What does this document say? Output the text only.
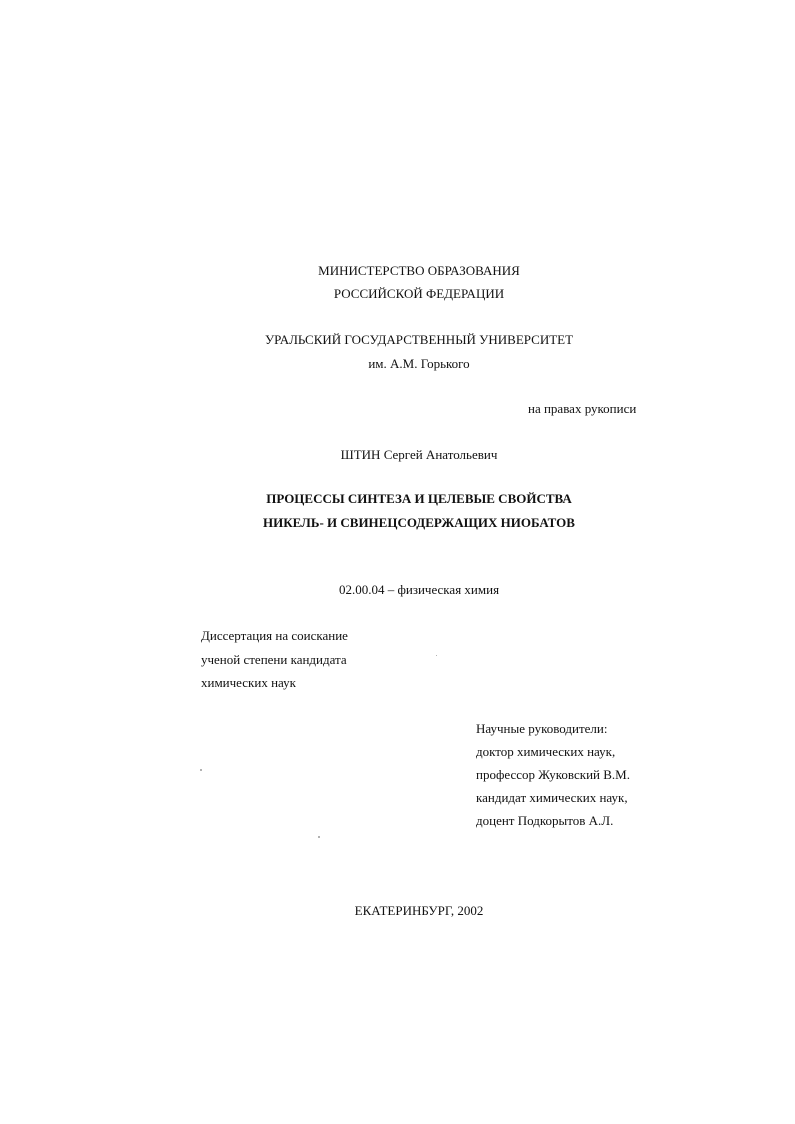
МИНИСТЕРСТВО ОБРАЗОВАНИЯ
РОССИЙСКОЙ ФЕДЕРАЦИИ
УРАЛЬСКИЙ ГОСУДАРСТВЕННЫЙ УНИВЕРСИТЕТ
им. А.М. Горького
на правах рукописи
ШТИН Сергей Анатольевич
ПРОЦЕССЫ СИНТЕЗА И ЦЕЛЕВЫЕ СВОЙСТВА
НИКЕЛЬ- И СВИНЕЦСОДЕРЖАЩИХ НИОБАТОВ
02.00.04 – физическая химия
Диссертация на соискание
ученой степени кандидата
химических наук
Научные руководители:
доктор химических наук,
профессор Жуковский В.М.
кандидат химических наук,
доцент Подкорытов А.Л.
ЕКАТЕРИНБУРГ, 2002
